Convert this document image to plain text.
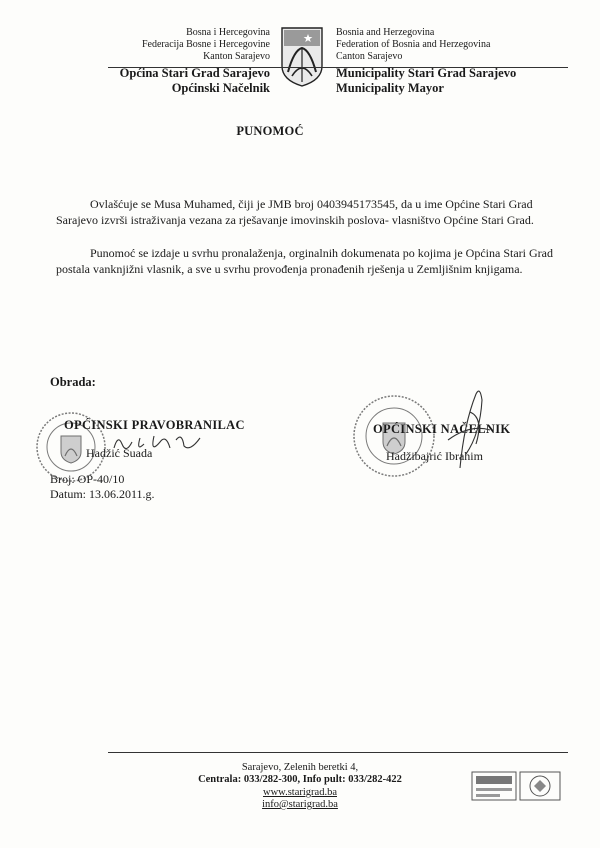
Bosna i Hercegovina
Federacija Bosne i Hercegovine
Kanton Sarajevo
Bosnia and Herzegovina
Federation of Bosnia and Herzegovina
Canton Sarajevo
Općina Stari Grad Sarajevo
Općinski Načelnik
Municipality Stari Grad Sarajevo
Municipality Mayor
PUNOMOĆ
Ovlašćuje se Musa Muhamed, čiji je JMB broj 0403945173545, da u ime Općine Stari Grad Sarajevo izvrši istraživanja vezana za rješavanje imovinskih poslova- vlasništvo Općine Stari Grad.
Punomoć se izdaje u svrhu pronalaženja, orginalnih dokumenata po kojima je Općina Stari Grad postala vanknjižni vlasnik, a sve u svrhu provođenja pronađenih rješenja u Zemljišnim knjigama.
Obrada:
OPĆINSKI PRAVOBRANILAC
Hadžić Suada
Broj: OP-40/10
Datum: 13.06.2011.g.
OPĆINSKI NAČELNIK
Hadžibajrić Ibrahim
Sarajevo, Zelenih beretki 4,
Centrala: 033/282-300, Info pult: 033/282-422
www.starigrad.ba
info@starigrad.ba
